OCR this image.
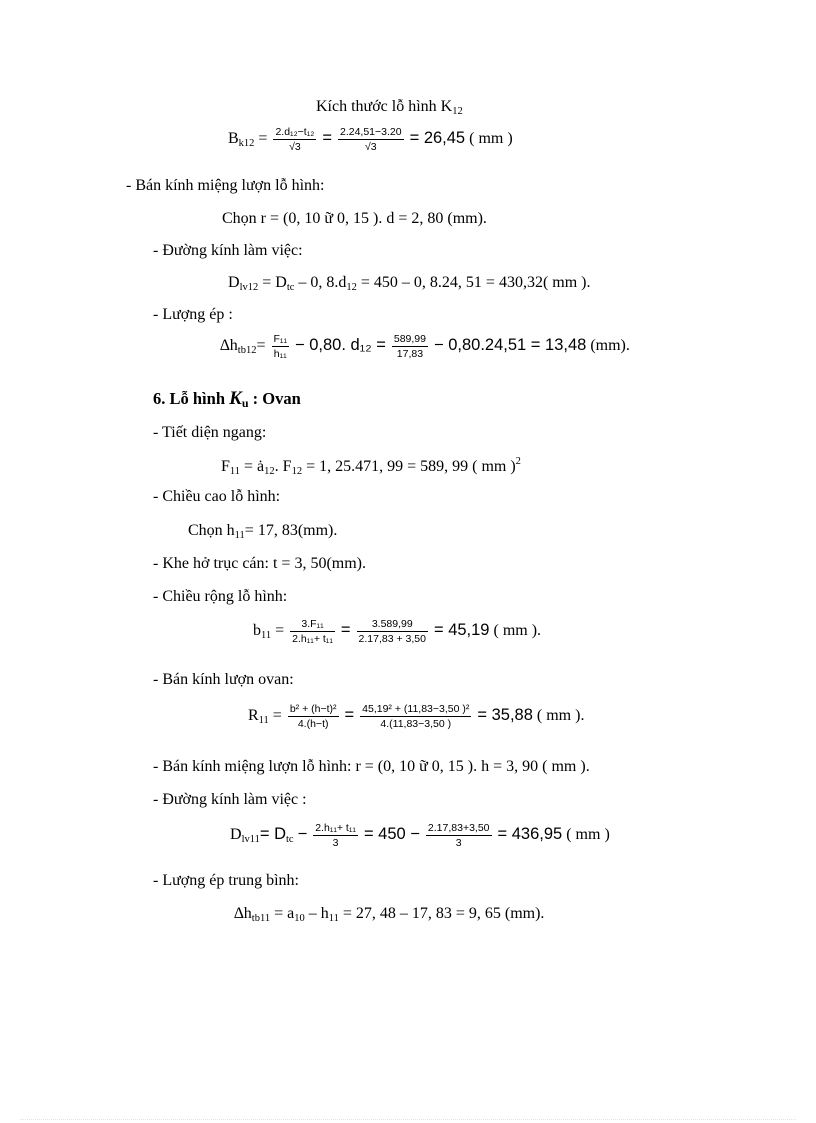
Kích thước lỗ hình K12
$Bk12 = \frac{\text{2.d₁₂−t₁₂}}{√3} = \frac{2.24,51-3.20}{√3} = 26,45$ ( mm )
- Bán kính miệng lượn lỗ hình:
Chọn r = (0, 10 ữ 0, 15 ). d = 2, 80 (mm).
- Đường kính làm việc:
Dlv12 = Dtc – 0, 8.d12 = 450 – 0, 8.24, 51 = 430,32( mm ).
- Lượng ép :
$\Delta htb12= \frac{\text{F₁₁}}{\text{h₁₁}} - 0,80$. $d_{12} = \frac{589,99}{17,83} - 0,80.24,51 = 13,48$ (mm).
6. Lỗ hình Ku : Ovan
- Tiết diện ngang:
F11 = ȧ12. F12 = 1, 25.471, 99 = 589, 99 ( mm )$^2$
- Chiều cao lỗ hình:
Chọn h11= 17, 83(mm).
- Khe hở trục cán: t = 3, 50(mm).
- Chiều rộng lỗ hình:
$b11 = \frac{\text{3.F₁₁}}{\text{2.h₁₁+ t₁₁}} = \frac{3.589,99}{2.17,83 + 3,50} = 45,19$ ( mm ).
- Bán kính lượn ovan:
$R11 = \frac{\text{b² + (h−t)²}}{4.(h-t)} = \frac{\text{45,19² + (11,83−3,50 )²}}{4.(11,83-3,50 )} = 35,88$ ( mm ).
- Bán kính miệng lượn lỗ hình: r = (0, 10 ữ 0, 15 ). h = 3, 90 ( mm ).
- Đường kính làm việc :
Dlv11= Dtc − $\frac{\text{2.h₁₁+ t₁₁}}{3} = 450 - \frac{2.17,83+3,50}{3} = 436,95$ ( mm )
- Lượng ép trung bình:
∆htb11 = a10 – h11 = 27, 48 – 17, 83 = 9, 65 (mm).
